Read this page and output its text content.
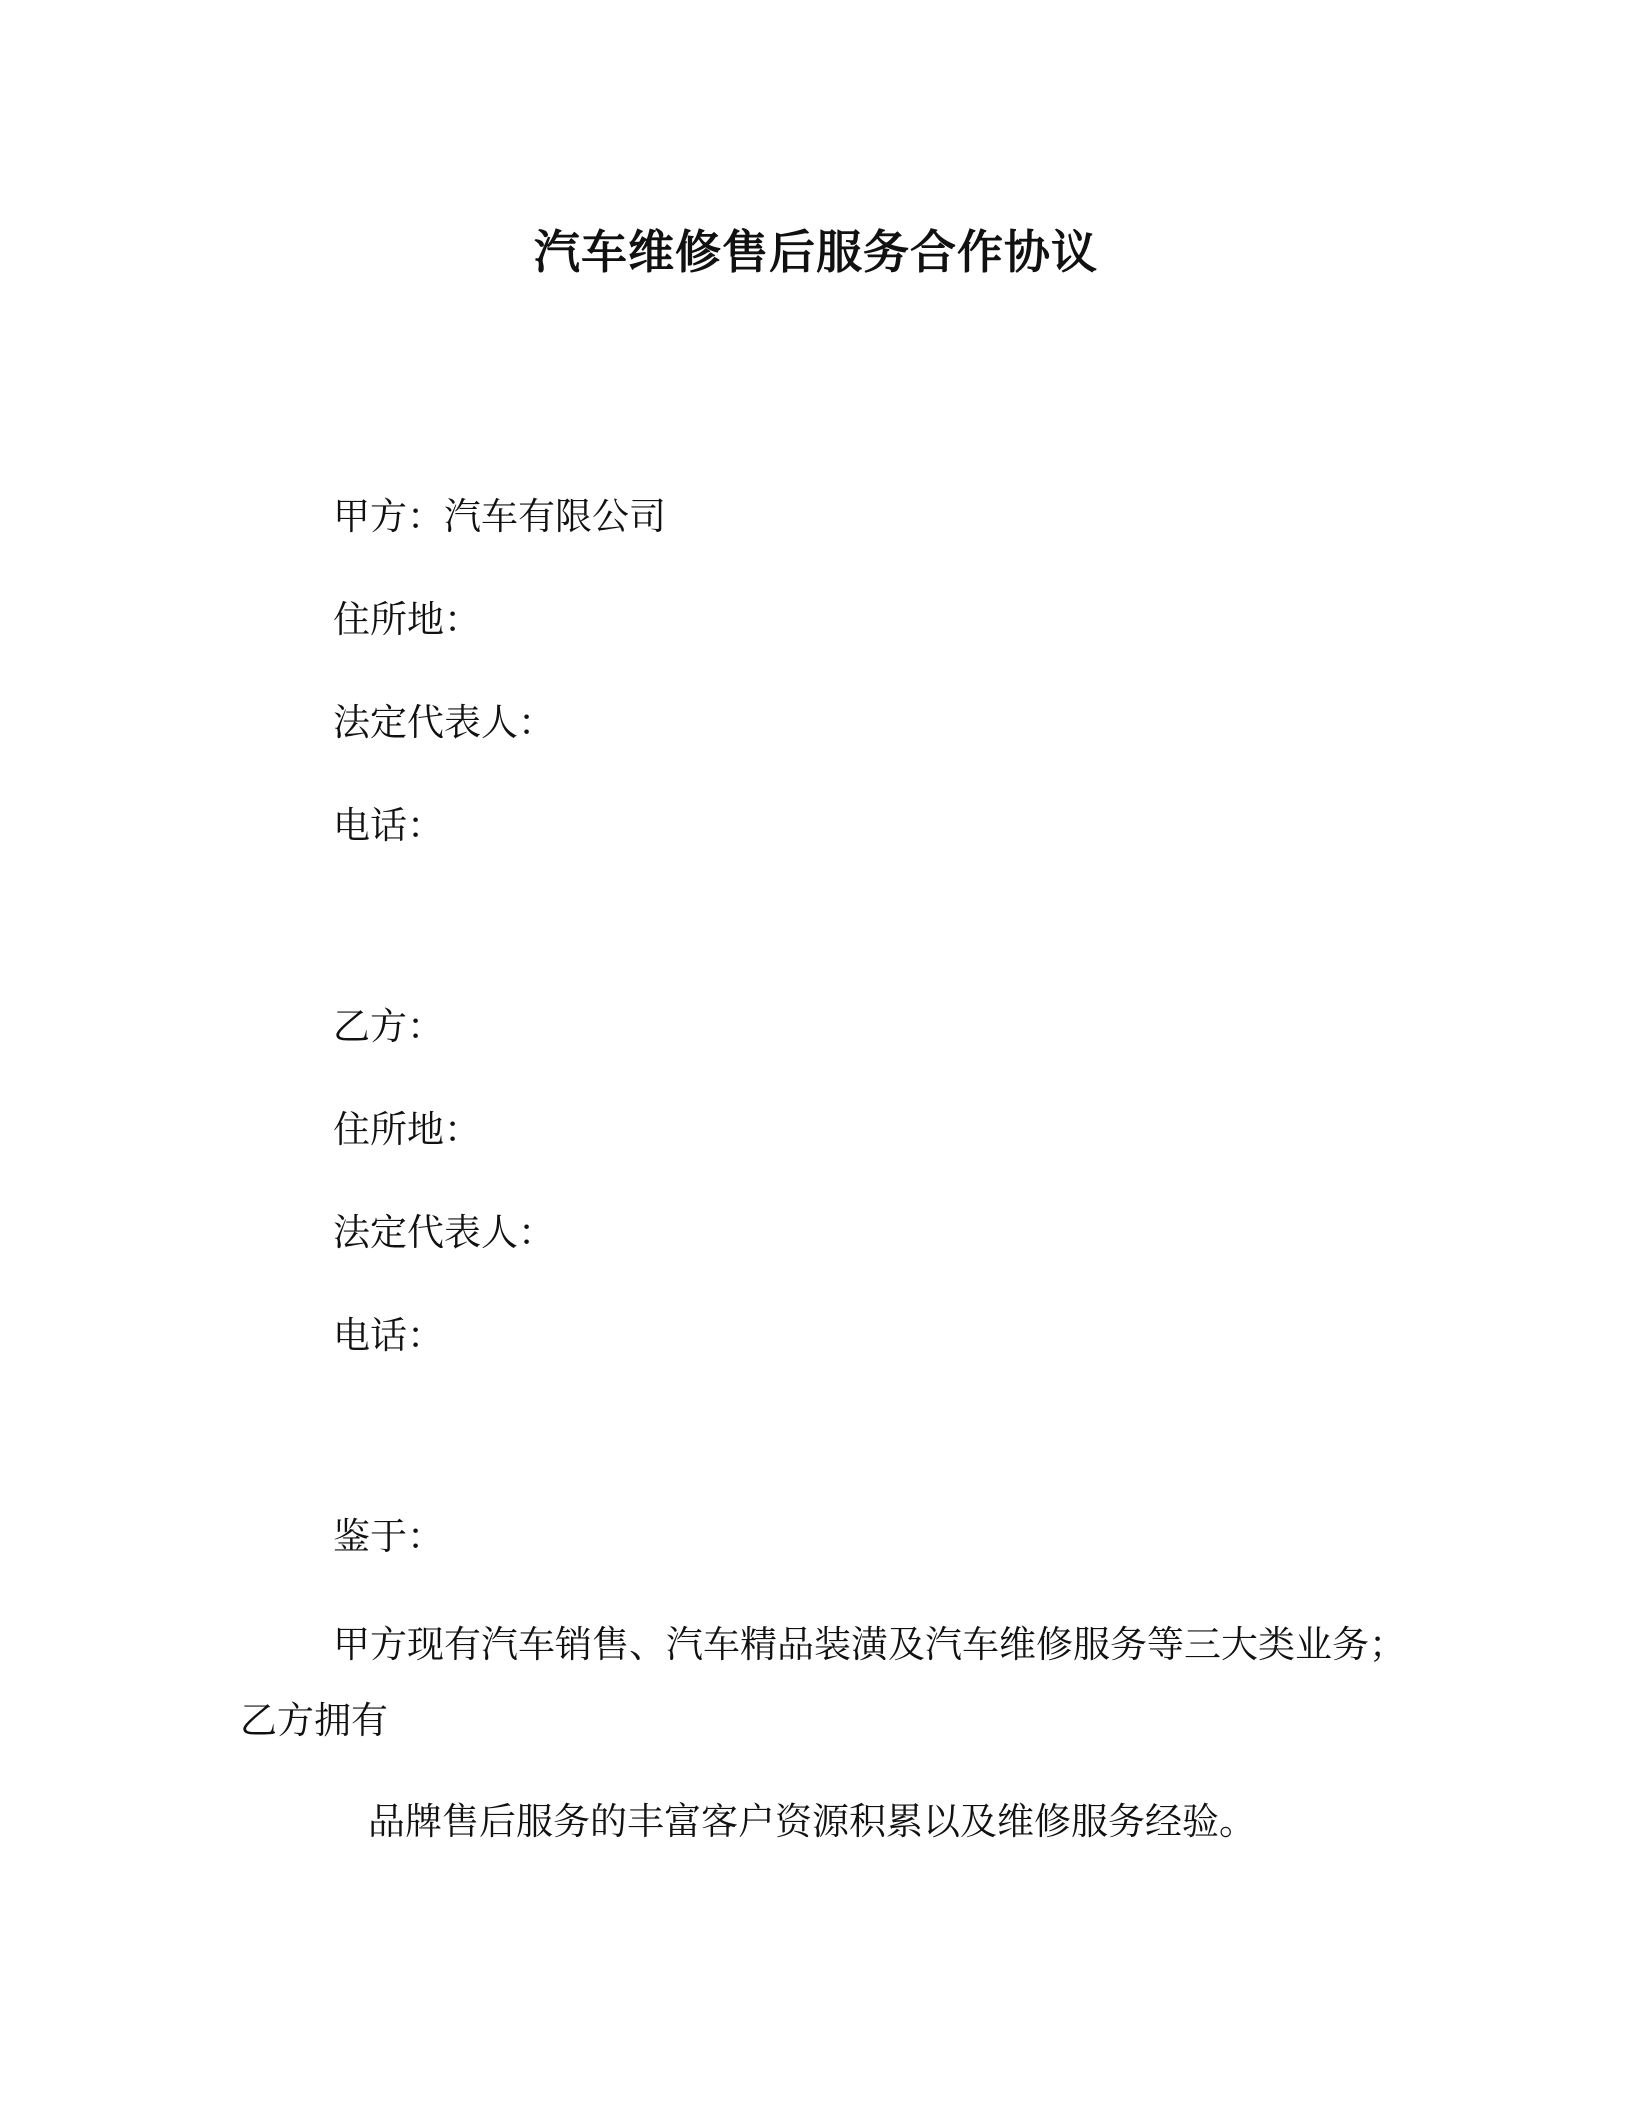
汽车维修售后服务合作协议
甲方：汽车有限公司
住所地：
法定代表人：
电话：
乙方：
住所地：
法定代表人：
电话：
鉴于：
甲方现有汽车销售、汽车精品装潢及汽车维修服务等三大类业务；
乙方拥有
品牌售后服务的丰富客户资源积累以及维修服务经验。
